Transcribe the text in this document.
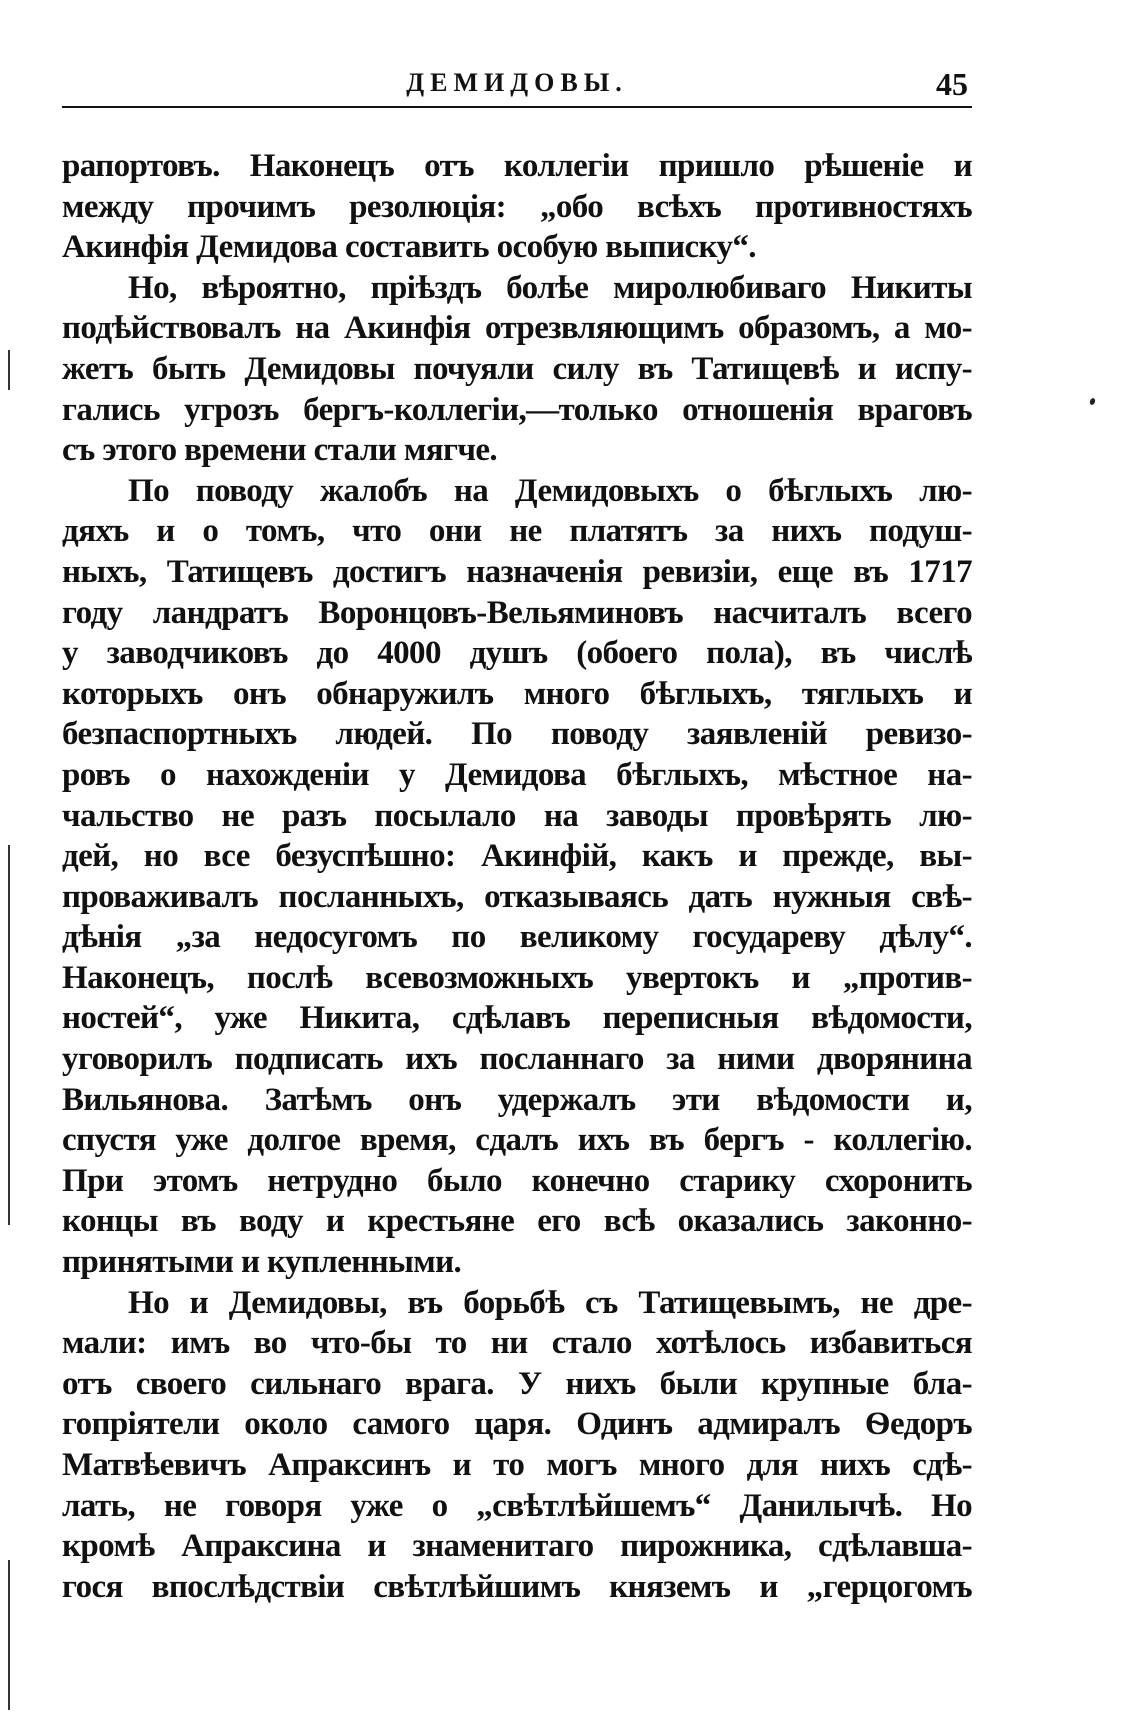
ДЕМИДОВЫ.	45
рапортовъ. Наконецъ отъ коллегіи пришло рѣшеніе и
между прочимъ резолюція: „обо всѣхъ противностяхъ
Акинфія Демидова составить особую выписку“.
Но, вѣроятно, пріѣздъ болѣе миролюбиваго Никиты
подѣйствовалъ на Акинфія отрезвляющимъ образомъ, а мо-
жетъ быть Демидовы почуяли силу въ Татищевѣ и испу-
гались угрозъ бергъ-коллегіи,—только отношенія враговъ
съ этого времени стали мягче.
По поводу жалобъ на Демидовыхъ о бѣглыхъ лю-
дяхъ и о томъ, что они не платятъ за нихъ подуш-
ныхъ, Татищевъ достигъ назначенія ревизіи, еще въ 1717
году ландратъ Воронцовъ-Вельяминовъ насчиталъ всего
у заводчиковъ до 4000 душъ (обоего пола), въ числѣ
которыхъ онъ обнаружилъ много бѣглыхъ, тяглыхъ и
безпаспортныхъ людей. По поводу заявленій ревизо-
ровъ о нахожденіи у Демидова бѣглыхъ, мѣстное на-
чальство не разъ посылало на заводы провѣрять лю-
дей, но все безуспѣшно: Акинфій, какъ и прежде, вы-
проваживалъ посланныхъ, отказываясь дать нужныя свѣ-
дѣнія „за недосугомъ по великому государеву дѣлу“.
Наконецъ, послѣ всевозможныхъ увертокъ и „против-
ностей“, уже Никита, сдѣлавъ переписныя вѣдомости,
уговорилъ подписать ихъ посланнаго за ними дворянина
Вильянова. Затѣмъ онъ удержалъ эти вѣдомости и,
спустя уже долгое время, сдалъ ихъ въ бергъ - коллегію.
При этомъ нетрудно было конечно старику схоронить
концы въ воду и крестьяне его всѣ оказались законно-
принятыми и купленными.
Но и Демидовы, въ борьбѣ съ Татищевымъ, не дре-
мали: имъ во что-бы то ни стало хотѣлось избавиться
отъ своего сильнаго врага. У нихъ были крупные бла-
гопріятели около самого царя. Одинъ адмиралъ Ѳедоръ
Матвѣевичъ Апраксинъ и то могъ много для нихъ сдѣ-
лать, не говоря уже о „свѣтлѣйшемъ“ Данилычѣ. Но
кромѣ Апраксина и знаменитаго пирожника, сдѣлавша-
гося впослѣдствіи свѣтлѣйшимъ княземъ и „герцогомъ
